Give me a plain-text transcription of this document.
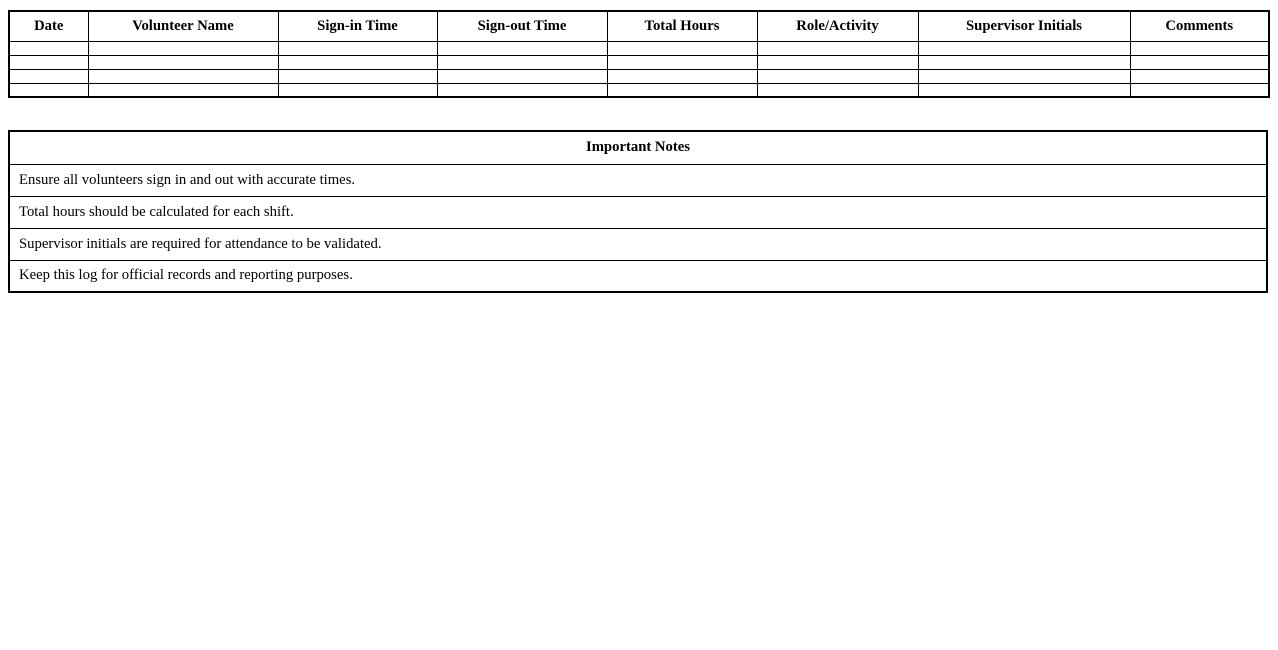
Date	Volunteer Name	Sign-in Time	Sign-out Time	Total Hours	Role/Activity	Supervisor Initials	Comments

Important Notes
Ensure all volunteers sign in and out with accurate times.
Total hours should be calculated for each shift.
Supervisor initials are required for attendance to be validated.
Keep this log for official records and reporting purposes.
